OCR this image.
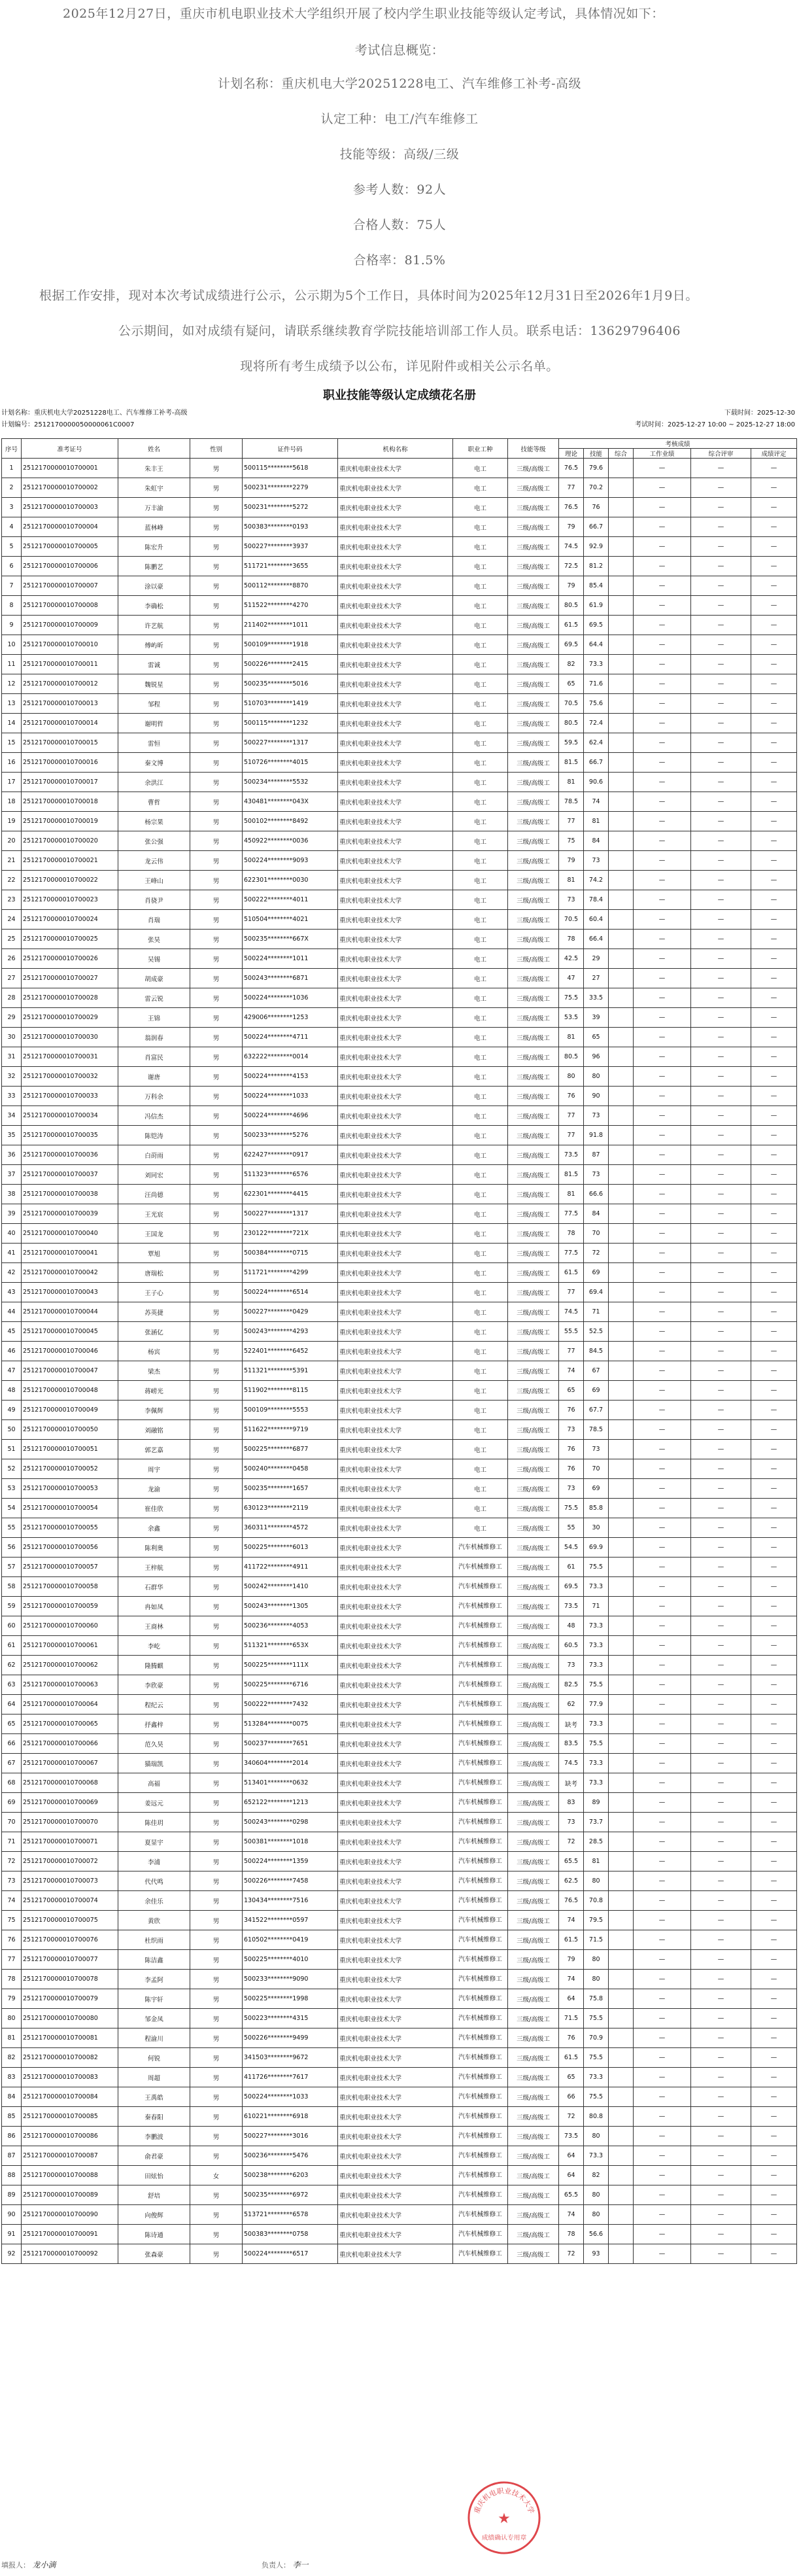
2025年12月27日，重庆市机电职业技术大学组织开展了校内学生职业技能等级认定考试，具体情况如下：
考试信息概览：
计划名称：重庆机电大学20251228电工、汽车维修工补考-高级
认定工种：电工/汽车维修工
技能等级：高级/三级
参考人数：92人
合格人数：75人
合格率：81.5%
根据工作安排，现对本次考试成绩进行公示，公示期为5个工作日，具体时间为2025年12月31日至2026年1月9日。
公示期间，如对成绩有疑问，请联系继续教育学院技能培训部工作人员。联系电话：13629796406
现将所有考生成绩予以公布，详见附件或相关公示名单。
职业技能等级认定成绩花名册
计划名称：重庆机电大学20251228电工、汽车维修工补考-高级	下载时间：2025-12-30
计划编号：2512170000050000061C0007	考试时间：2025-12-27 10:00 ~ 2025-12-27 18:00
序号	准考证号	姓名	性别	证件号码	机构名称	职业工种	技能等级	考核成绩					
								理论	技能	综合	工作业绩	综合评审	成绩评定
1	2512170000010700001	朱丰王	男	500115********5618	重庆机电职业技术大学	电工	三级/高级工	76.5	79.6		—	—	—
2	2512170000010700002	朱虹宇	男	500231********2279	重庆机电职业技术大学	电工	三级/高级工	77	70.2		—	—	—
3	2512170000010700003	万丰渝	男	500231********5272	重庆机电职业技术大学	电工	三级/高级工	76.5	76		—	—	—
4	2512170000010700004	蓝林峰	男	500383********0193	重庆机电职业技术大学	电工	三级/高级工	79	66.7		—	—	—
5	2512170000010700005	陈宏升	男	500227********3937	重庆机电职业技术大学	电工	三级/高级工	74.5	92.9		—	—	—
6	2512170000010700006	陈鹏艺	男	511721********3655	重庆机电职业技术大学	电工	三级/高级工	72.5	81.2		—	—	—
7	2512170000010700007	涂以豪	男	500112********8870	重庆机电职业技术大学	电工	三级/高级工	79	85.4		—	—	—
8	2512170000010700008	李确松	男	511522********4270	重庆机电职业技术大学	电工	三级/高级工	80.5	61.9		—	—	—
9	2512170000010700009	许艺航	男	211402********1011	重庆机电职业技术大学	电工	三级/高级工	61.5	69.5		—	—	—
10	2512170000010700010	傅屿昕	男	500109********1918	重庆机电职业技术大学	电工	三级/高级工	69.5	64.4		—	—	—
11	2512170000010700011	雷诚	男	500226********2415	重庆机电职业技术大学	电工	三级/高级工	82	73.3		—	—	—
12	2512170000010700012	魏锐星	男	500235********5016	重庆机电职业技术大学	电工	三级/高级工	65	71.6		—	—	—
13	2512170000010700013	邹程	男	510703********1419	重庆机电职业技术大学	电工	三级/高级工	70.5	75.6		—	—	—
14	2512170000010700014	谢明哲	男	500115********1232	重庆机电职业技术大学	电工	三级/高级工	80.5	72.4		—	—	—
15	2512170000010700015	雷恒	男	500227********1317	重庆机电职业技术大学	电工	三级/高级工	59.5	62.4		—	—	—
16	2512170000010700016	秦文博	男	510726********4015	重庆机电职业技术大学	电工	三级/高级工	81.5	66.7		—	—	—
17	2512170000010700017	余洪江	男	500234********5532	重庆机电职业技术大学	电工	三级/高级工	81	90.6		—	—	—
18	2512170000010700018	曹哲	男	430481********043X	重庆机电职业技术大学	电工	三级/高级工	78.5	74		—	—	—
19	2512170000010700019	杨宗果	男	500102********8492	重庆机电职业技术大学	电工	三级/高级工	77	81		—	—	—
20	2512170000010700020	张公强	男	450922********0036	重庆机电职业技术大学	电工	三级/高级工	75	84		—	—	—
21	2512170000010700021	龙云伟	男	500224********9093	重庆机电职业技术大学	电工	三级/高级工	79	73		—	—	—
22	2512170000010700022	王峰山	男	622301********0030	重庆机电职业技术大学	电工	三级/高级工	81	74.2		—	—	—
23	2512170000010700023	肖骁尹	男	500222********4011	重庆机电职业技术大学	电工	三级/高级工	73	78.4		—	—	—
24	2512170000010700024	肖瑞	男	510504********4021	重庆机电职业技术大学	电工	三级/高级工	70.5	60.4		—	—	—
25	2512170000010700025	张昊	男	500235********667X	重庆机电职业技术大学	电工	三级/高级工	78	66.4		—	—	—
26	2512170000010700026	吴锡	男	500224********1011	重庆机电职业技术大学	电工	三级/高级工	42.5	29		—	—	—
27	2512170000010700027	胡成豪	男	500243********6871	重庆机电职业技术大学	电工	三级/高级工	47	27		—	—	—
28	2512170000010700028	雷云锐	男	500224********1036	重庆机电职业技术大学	电工	三级/高级工	75.5	33.5		—	—	—
29	2512170000010700029	王锦	男	429006********1253	重庆机电职业技术大学	电工	三级/高级工	53.5	39		—	—	—
30	2512170000010700030	翁润春	男	500224********4711	重庆机电职业技术大学	电工	三级/高级工	81	65		—	—	—
31	2512170000010700031	肖富民	男	632222********0014	重庆机电职业技术大学	电工	三级/高级工	80.5	96		—	—	—
32	2512170000010700032	谢唐	男	500224********4153	重庆机电职业技术大学	电工	三级/高级工	80	80		—	—	—
33	2512170000010700033	万科余	男	500224********1033	重庆机电职业技术大学	电工	三级/高级工	76	90		—	—	—
34	2512170000010700034	冯信杰	男	500224********4696	重庆机电职业技术大学	电工	三级/高级工	77	73		—	—	—
35	2512170000010700035	陈铠涛	男	500233********5276	重庆机电职业技术大学	电工	三级/高级工	77	91.8		—	—	—
36	2512170000010700036	白莳雨	男	622427********0917	重庆机电职业技术大学	电工	三级/高级工	73.5	87		—	—	—
37	2512170000010700037	刘同宏	男	511323********6576	重庆机电职业技术大学	电工	三级/高级工	81.5	73		—	—	—
38	2512170000010700038	汪尚德	男	622301********4415	重庆机电职业技术大学	电工	三级/高级工	81	66.6		—	—	—
39	2512170000010700039	王光宸	男	500227********1317	重庆机电职业技术大学	电工	三级/高级工	77.5	84		—	—	—
40	2512170000010700040	王国龙	男	230122********721X	重庆机电职业技术大学	电工	三级/高级工	78	70		—	—	—
41	2512170000010700041	覃旭	男	500384********0715	重庆机电职业技术大学	电工	三级/高级工	77.5	72		—	—	—
42	2512170000010700042	唐瑞松	男	511721********4299	重庆机电职业技术大学	电工	三级/高级工	61.5	69		—	—	—
43	2512170000010700043	王子心	男	500224********6514	重庆机电职业技术大学	电工	三级/高级工	77	69.4		—	—	—
44	2512170000010700044	苏英捷	男	500227********0429	重庆机电职业技术大学	电工	三级/高级工	74.5	71		—	—	—
45	2512170000010700045	张涵亿	男	500243********4293	重庆机电职业技术大学	电工	三级/高级工	55.5	52.5		—	—	—
46	2512170000010700046	杨宾	男	522401********6452	重庆机电职业技术大学	电工	三级/高级工	77	84.5		—	—	—
47	2512170000010700047	梁杰	男	511321********5391	重庆机电职业技术大学	电工	三级/高级工	74	67		—	—	—
48	2512170000010700048	蒋崂光	男	511902********8115	重庆机电职业技术大学	电工	三级/高级工	65	69		—	—	—
49	2512170000010700049	李佩辉	男	500109********5553	重庆机电职业技术大学	电工	三级/高级工	76	67.7		—	—	—
50	2512170000010700050	刘融铭	男	511622********9719	重庆机电职业技术大学	电工	三级/高级工	73	78.5		—	—	—
51	2512170000010700051	郭艺嘉	男	500225********6877	重庆机电职业技术大学	电工	三级/高级工	76	73		—	—	—
52	2512170000010700052	周宇	男	500240********0458	重庆机电职业技术大学	电工	三级/高级工	76	70		—	—	—
53	2512170000010700053	龙渝	男	500235********1657	重庆机电职业技术大学	电工	三级/高级工	73	69		—	—	—
54	2512170000010700054	崔佳欣	男	630123********2119	重庆机电职业技术大学	电工	三级/高级工	75.5	85.8		—	—	—
55	2512170000010700055	余鑫	男	360311********4572	重庆机电职业技术大学	电工	三级/高级工	55	30		—	—	—
56	2512170000010700056	陈利奥	男	500225********6013	重庆机电职业技术大学	汽车机械维修工	三级/高级工	54.5	69.9		—	—	—
57	2512170000010700057	王梓航	男	411722********4911	重庆机电职业技术大学	汽车机械维修工	三级/高级工	61	75.5		—	—	—
58	2512170000010700058	石群华	男	500242********1410	重庆机电职业技术大学	汽车机械维修工	三级/高级工	69.5	73.3		—	—	—
59	2512170000010700059	冉如凤	男	500243********1305	重庆机电职业技术大学	汽车机械维修工	三级/高级工	73.5	71		—	—	—
60	2512170000010700060	王商林	男	500236********4053	重庆机电职业技术大学	汽车机械维修工	三级/高级工	48	73.3		—	—	—
61	2512170000010700061	李屹	男	511321********653X	重庆机电职业技术大学	汽车机械维修工	三级/高级工	60.5	73.3		—	—	—
62	2512170000010700062	隆腾麒	男	500225********111X	重庆机电职业技术大学	汽车机械维修工	三级/高级工	73	73.3		—	—	—
63	2512170000010700063	李欣豪	男	500225********6716	重庆机电职业技术大学	汽车机械维修工	三级/高级工	82.5	75.5		—	—	—
64	2512170000010700064	程纪云	男	500222********7432	重庆机电职业技术大学	汽车机械维修工	三级/高级工	62	77.9		—	—	—
65	2512170000010700065	抒鑫梓	男	513284********0075	重庆机电职业技术大学	汽车机械维修工	三级/高级工	缺考	73.3		—	—	—
66	2512170000010700066	范久昊	男	500237********7651	重庆机电职业技术大学	汽车机械维修工	三级/高级工	83.5	75.5		—	—	—
67	2512170000010700067	猫瑞凯	男	340604********2014	重庆机电职业技术大学	汽车机械维修工	三级/高级工	74.5	73.3		—	—	—
68	2512170000010700068	高福	男	513401********0632	重庆机电职业技术大学	汽车机械维修工	三级/高级工	缺考	73.3		—	—	—
69	2512170000010700069	姜远元	男	652122********1213	重庆机电职业技术大学	汽车机械维修工	三级/高级工	83	89		—	—	—
70	2512170000010700070	陈佳玥	男	500243********0298	重庆机电职业技术大学	汽车机械维修工	三级/高级工	73	73.7		—	—	—
71	2512170000010700071	夏显宇	男	500381********1018	重庆机电职业技术大学	汽车机械维修工	三级/高级工	72	28.5		—	—	—
72	2512170000010700072	李浦	男	500224********1359	重庆机电职业技术大学	汽车机械维修工	三级/高级工	65.5	81		—	—	—
73	2512170000010700073	代代鸣	男	500226********7458	重庆机电职业技术大学	汽车机械维修工	三级/高级工	62.5	80		—	—	—
74	2512170000010700074	余佳乐	男	130434********7516	重庆机电职业技术大学	汽车机械维修工	三级/高级工	76.5	70.8		—	—	—
75	2512170000010700075	黄欣	男	341522********0597	重庆机电职业技术大学	汽车机械维修工	三级/高级工	74	79.5		—	—	—
76	2512170000010700076	杜织雨	男	610502********0419	重庆机电职业技术大学	汽车机械维修工	三级/高级工	61.5	71.5		—	—	—
77	2512170000010700077	陈洁鑫	男	500225********4010	重庆机电职业技术大学	汽车机械维修工	三级/高级工	79	80		—	—	—
78	2512170000010700078	李孟阿	男	500233********9090	重庆机电职业技术大学	汽车机械维修工	三级/高级工	74	80		—	—	—
79	2512170000010700079	陈宇轩	男	500225********1998	重庆机电职业技术大学	汽车机械维修工	三级/高级工	64	75.8		—	—	—
80	2512170000010700080	邹金凤	男	500223********4315	重庆机电职业技术大学	汽车机械维修工	三级/高级工	71.5	75.5		—	—	—
81	2512170000010700081	程渝川	男	500226********9499	重庆机电职业技术大学	汽车机械维修工	三级/高级工	76	70.9		—	—	—
82	2512170000010700082	何锐	男	341503********9672	重庆机电职业技术大学	汽车机械维修工	三级/高级工	61.5	75.5		—	—	—
83	2512170000010700083	周超	男	411726********7617	重庆机电职业技术大学	汽车机械维修工	三级/高级工	65	73.3		—	—	—
84	2512170000010700084	王禹皓	男	500224********1033	重庆机电职业技术大学	汽车机械维修工	三级/高级工	66	75.5		—	—	—
85	2512170000010700085	秦春阳	男	610221********6918	重庆机电职业技术大学	汽车机械维修工	三级/高级工	72	80.8		—	—	—
86	2512170000010700086	李鹏波	男	500227********3016	重庆机电职业技术大学	汽车机械维修工	三级/高级工	73.5	80		—	—	—
87	2512170000010700087	俞君豪	男	500236********5476	重庆机电职业技术大学	汽车机械维修工	三级/高级工	64	73.3		—	—	—
88	2512170000010700088	田炫怡	女	500238********6203	重庆机电职业技术大学	汽车机械维修工	三级/高级工	64	82		—	—	—
89	2512170000010700089	舒培	男	500235********6972	重庆机电职业技术大学	汽车机械维修工	三级/高级工	65.5	80		—	—	—
90	2512170000010700090	向俊辉	男	513721********6578	重庆机电职业技术大学	汽车机械维修工	三级/高级工	74	80		—	—	—
91	2512170000010700091	陈诗通	男	500383********0758	重庆机电职业技术大学	汽车机械维修工	三级/高级工	78	56.6		—	—	—
92	2512170000010700092	张森豪	男	500224********6517	重庆机电职业技术大学	汽车机械维修工	三级/高级工	72	93		—	—	—
填报人： 龙小滴	负责人： 李一
重庆机电职业技术大学
★
成绩确认专用章
